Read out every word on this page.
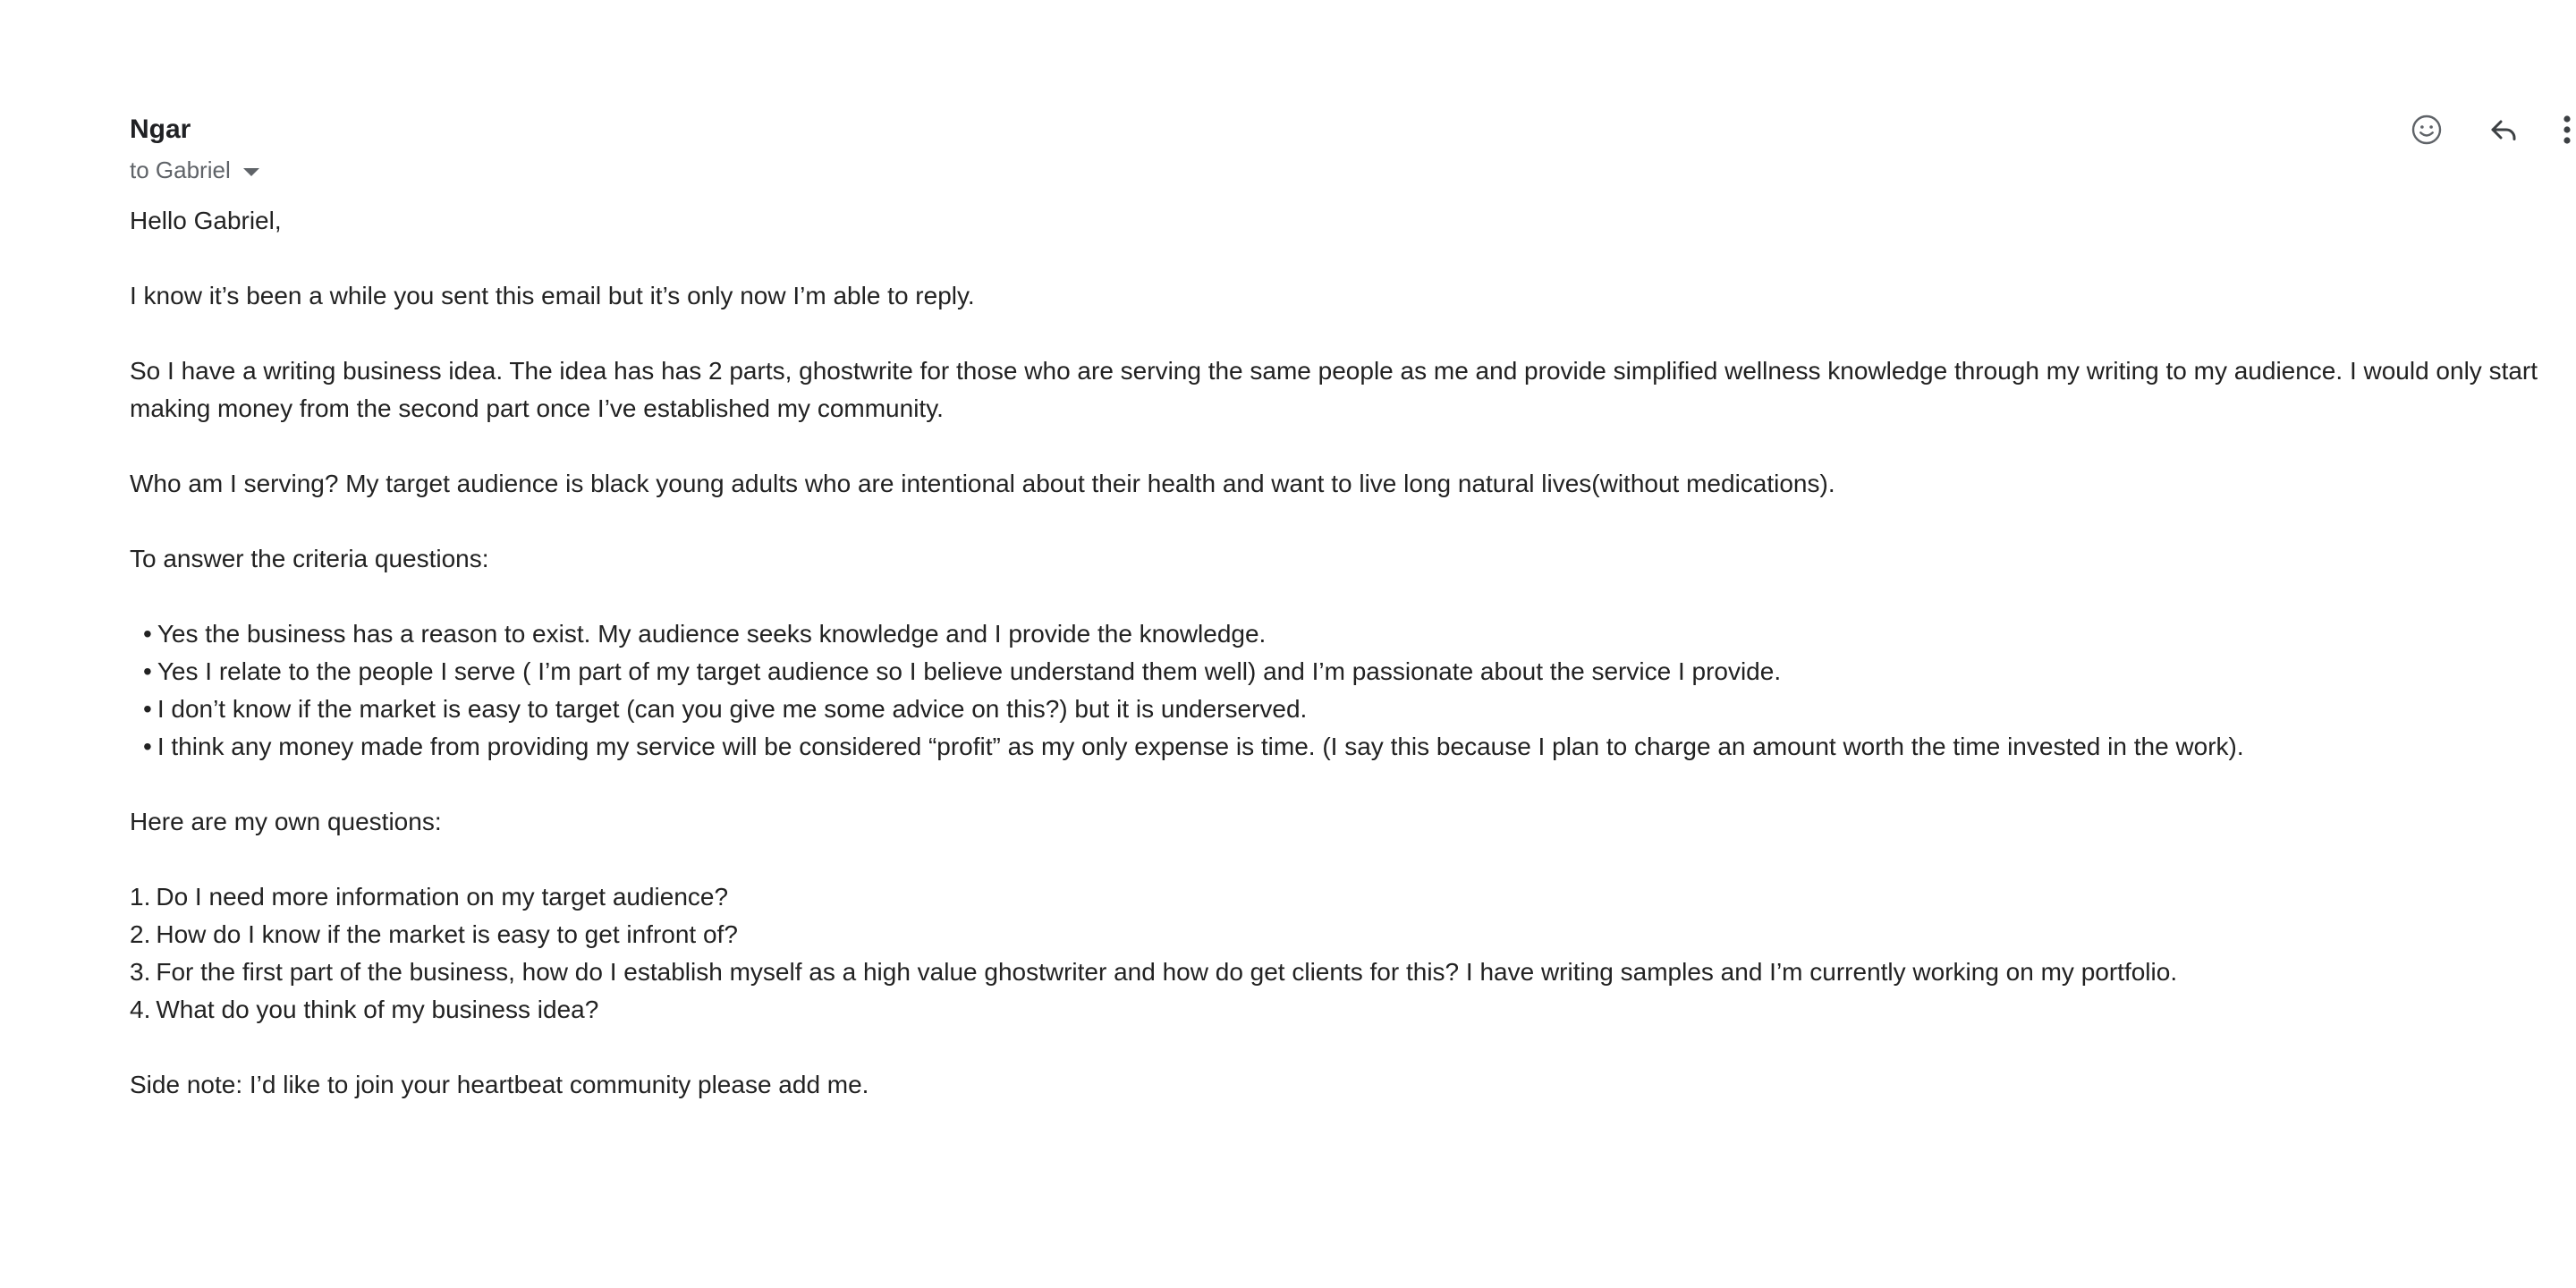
Ngar
to Gabriel

Hello Gabriel,

I know it’s been a while you sent this email but it’s only now I’m able to reply.

So I have a writing business idea. The idea has has 2 parts, ghostwrite for those who are serving the same people as me and provide simplified wellness knowledge through my writing to my audience. I would only start making money from the second part once I’ve established my community.

Who am I serving? My target audience is black young adults who are intentional about their health and want to live long natural lives(without medications).

To answer the criteria questions:

• Yes the business has a reason to exist. My audience seeks knowledge and I provide the knowledge.
• Yes I relate to the people I serve ( I’m part of my target audience so I believe understand them well) and I’m passionate about the service I provide.
• I don’t know if the market is easy to target (can you give me some advice on this?) but it is underserved.
• I think any money made from providing my service will be considered “profit” as my only expense is time. (I say this because I plan to charge an amount worth the time invested in the work).

Here are my own questions:

1. Do I need more information on my target audience?
2. How do I know if the market is easy to get infront of?
3. For the first part of the business, how do I establish myself as a high value ghostwriter and how do get clients for this? I have writing samples and I’m currently working on my portfolio.
4. What do you think of my business idea?

Side note: I’d like to join your heartbeat community please add me.
